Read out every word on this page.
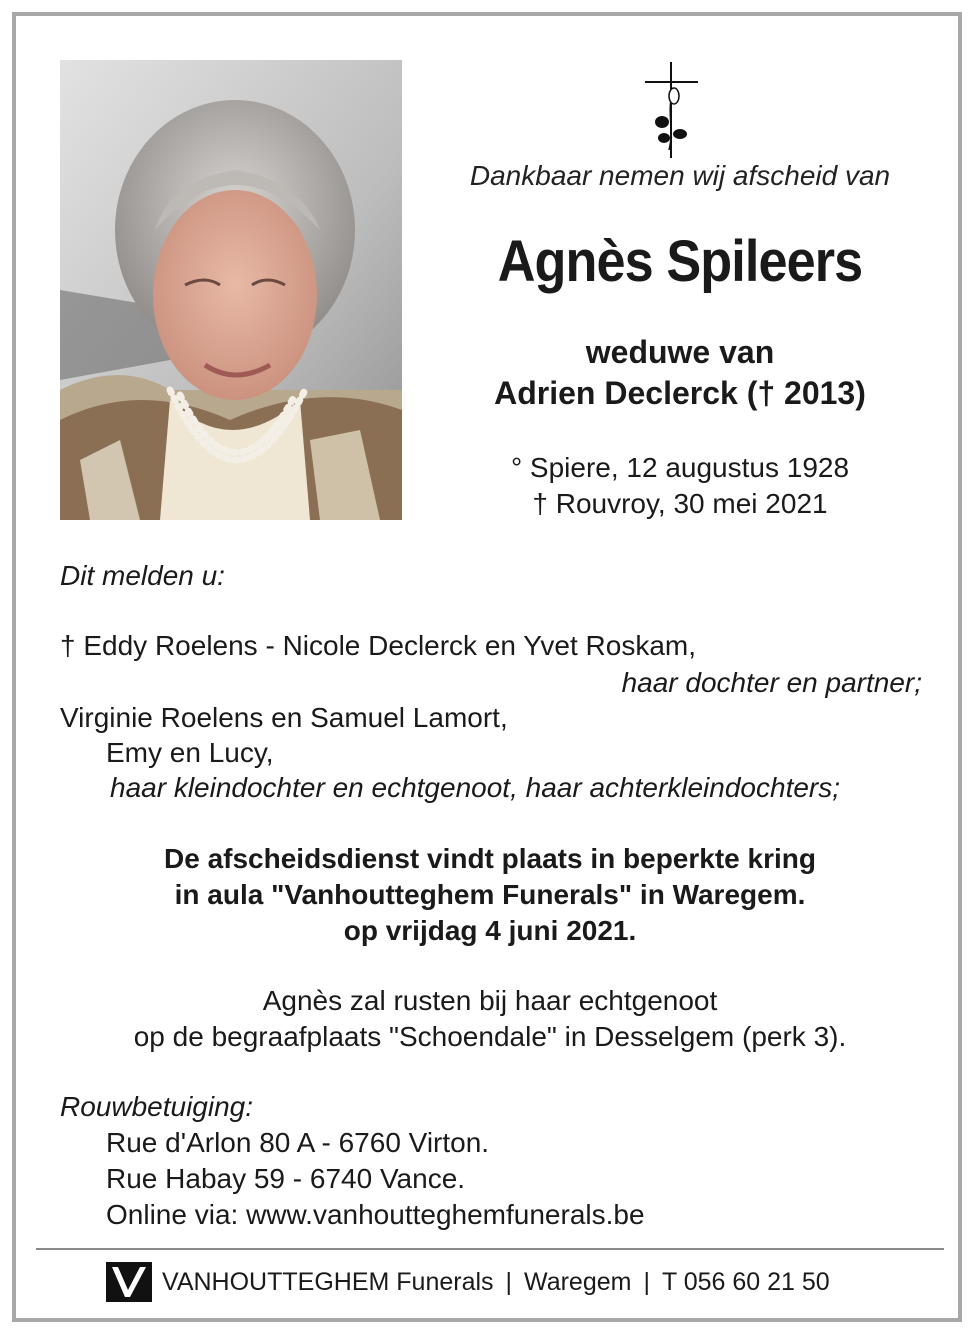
Dankbaar nemen wij afscheid van
Agnès Spileers
weduwe van
Adrien Declerck († 2013)
° Spiere, 12 augustus 1928
† Rouvroy, 30 mei 2021
Dit melden u:
† Eddy Roelens - Nicole Declerck en Yvet Roskam,
haar dochter en partner;
Virginie Roelens en Samuel Lamort,
Emy en Lucy,
haar kleindochter en echtgenoot, haar achterkleindochters;
De afscheidsdienst vindt plaats in beperkte kring
in aula "Vanhoutteghem Funerals" in Waregem.
op vrijdag 4 juni 2021.
Agnès zal rusten bij haar echtgenoot
op de begraafplaats "Schoendale" in Desselgem (perk 3).
Rouwbetuiging:
Rue d'Arlon 80 A - 6760 Virton.
Rue Habay 59 - 6740 Vance.
Online via: www.vanhoutteghemfunerals.be
VANHOUTTEGHEM Funerals | Waregem | T 056 60 21 50
